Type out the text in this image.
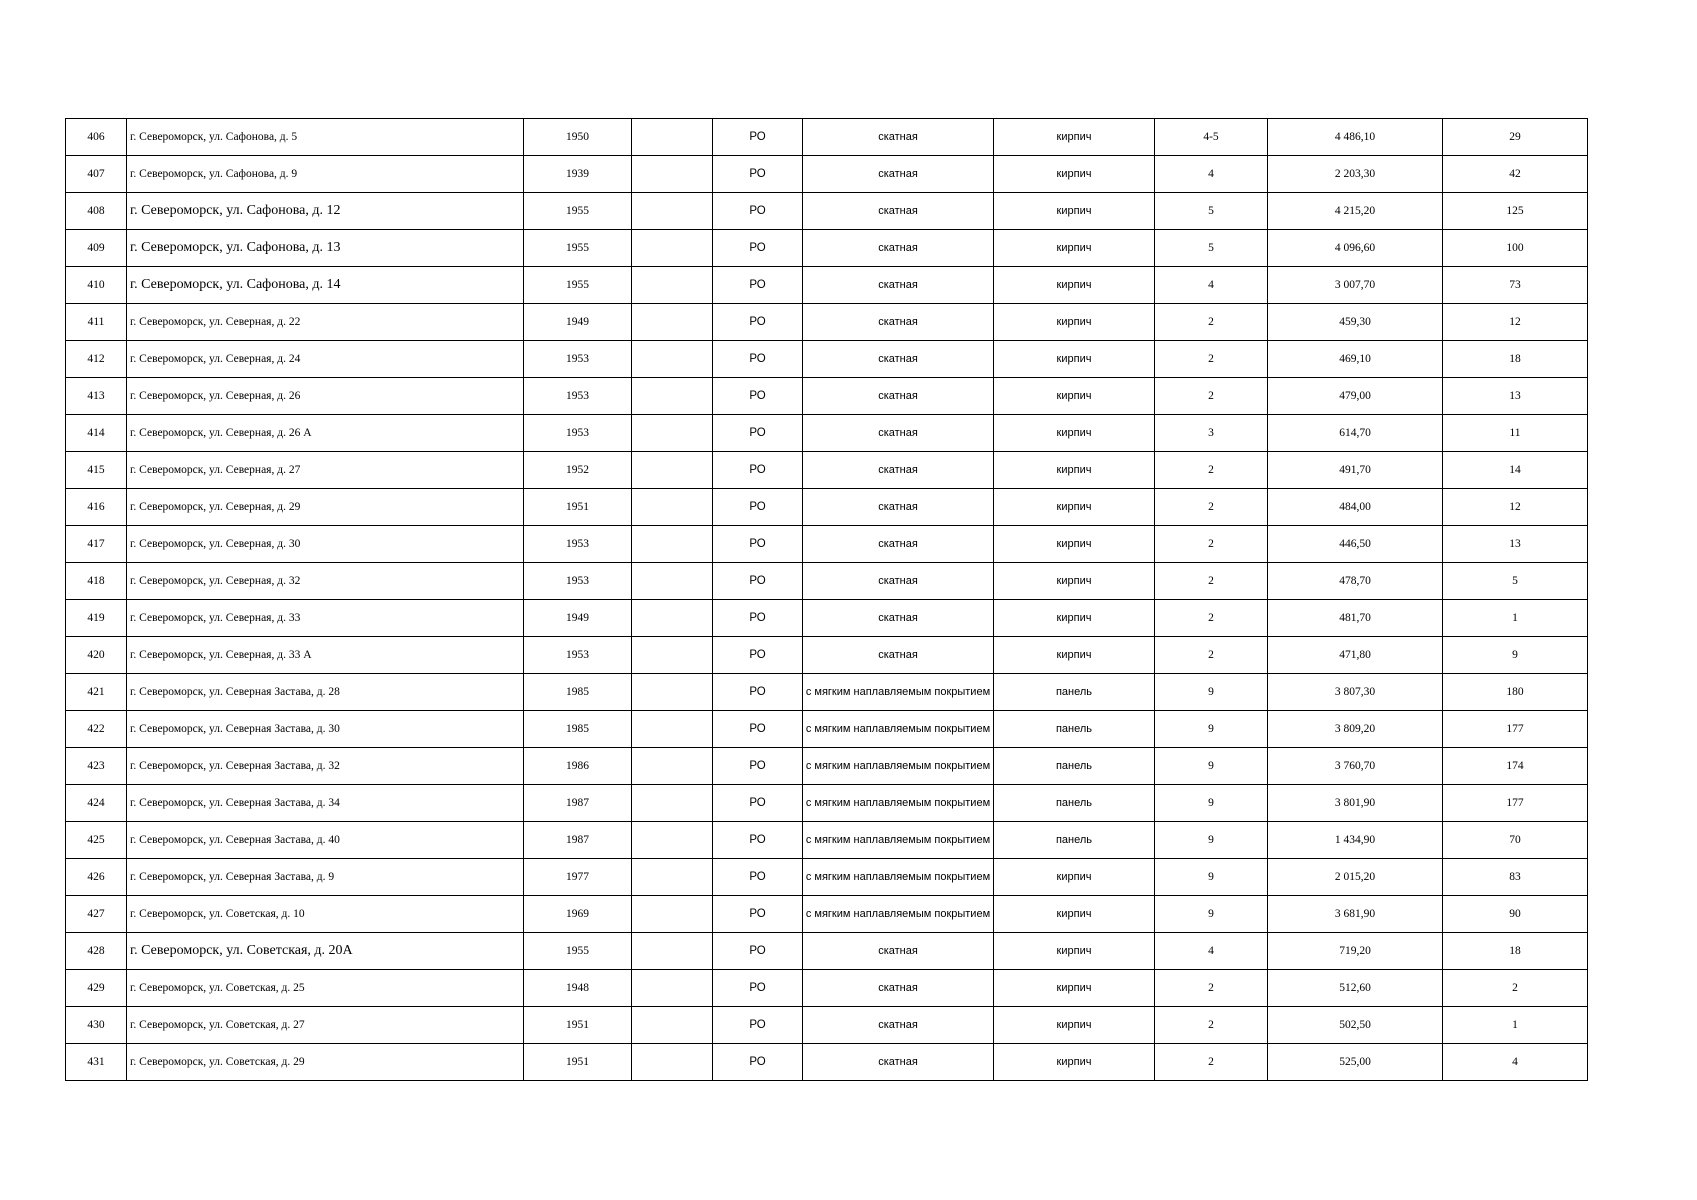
406	г. Североморск, ул. Сафонова, д. 5	1950		РО	скатная	кирпич	4-5	4 486,10	29
407	г. Североморск, ул. Сафонова, д. 9	1939		РО	скатная	кирпич	4	2 203,30	42
408	г. Североморск, ул. Сафонова, д. 12	1955		РО	скатная	кирпич	5	4 215,20	125
409	г. Североморск, ул. Сафонова, д. 13	1955		РО	скатная	кирпич	5	4 096,60	100
410	г. Североморск, ул. Сафонова, д. 14	1955		РО	скатная	кирпич	4	3 007,70	73
411	г. Североморск, ул. Северная, д. 22	1949		РО	скатная	кирпич	2	459,30	12
412	г. Североморск, ул. Северная, д. 24	1953		РО	скатная	кирпич	2	469,10	18
413	г. Североморск, ул. Северная, д. 26	1953		РО	скатная	кирпич	2	479,00	13
414	г. Североморск, ул. Северная, д. 26 А	1953		РО	скатная	кирпич	3	614,70	11
415	г. Североморск, ул. Северная, д. 27	1952		РО	скатная	кирпич	2	491,70	14
416	г. Североморск, ул. Северная, д. 29	1951		РО	скатная	кирпич	2	484,00	12
417	г. Североморск, ул. Северная, д. 30	1953		РО	скатная	кирпич	2	446,50	13
418	г. Североморск, ул. Северная, д. 32	1953		РО	скатная	кирпич	2	478,70	5
419	г. Североморск, ул. Северная, д. 33	1949		РО	скатная	кирпич	2	481,70	1
420	г. Североморск, ул. Северная, д. 33 А	1953		РО	скатная	кирпич	2	471,80	9
421	г. Североморск, ул. Северная Застава, д. 28	1985		РО	с мягким наплавляемым покрытием	панель	9	3 807,30	180
422	г. Североморск, ул. Северная Застава, д. 30	1985		РО	с мягким наплавляемым покрытием	панель	9	3 809,20	177
423	г. Североморск, ул. Северная Застава, д. 32	1986		РО	с мягким наплавляемым покрытием	панель	9	3 760,70	174
424	г. Североморск, ул. Северная Застава, д. 34	1987		РО	с мягким наплавляемым покрытием	панель	9	3 801,90	177
425	г. Североморск, ул. Северная Застава, д. 40	1987		РО	с мягким наплавляемым покрытием	панель	9	1 434,90	70
426	г. Североморск, ул. Северная Застава, д. 9	1977		РО	с мягким наплавляемым покрытием	кирпич	9	2 015,20	83
427	г. Североморск, ул. Советская, д. 10	1969		РО	с мягким наплавляемым покрытием	кирпич	9	3 681,90	90
428	г. Североморск, ул. Советская, д. 20А	1955		РО	скатная	кирпич	4	719,20	18
429	г. Североморск, ул. Советская, д. 25	1948		РО	скатная	кирпич	2	512,60	2
430	г. Североморск, ул. Советская, д. 27	1951		РО	скатная	кирпич	2	502,50	1
431	г. Североморск, ул. Советская, д. 29	1951		РО	скатная	кирпич	2	525,00	4
